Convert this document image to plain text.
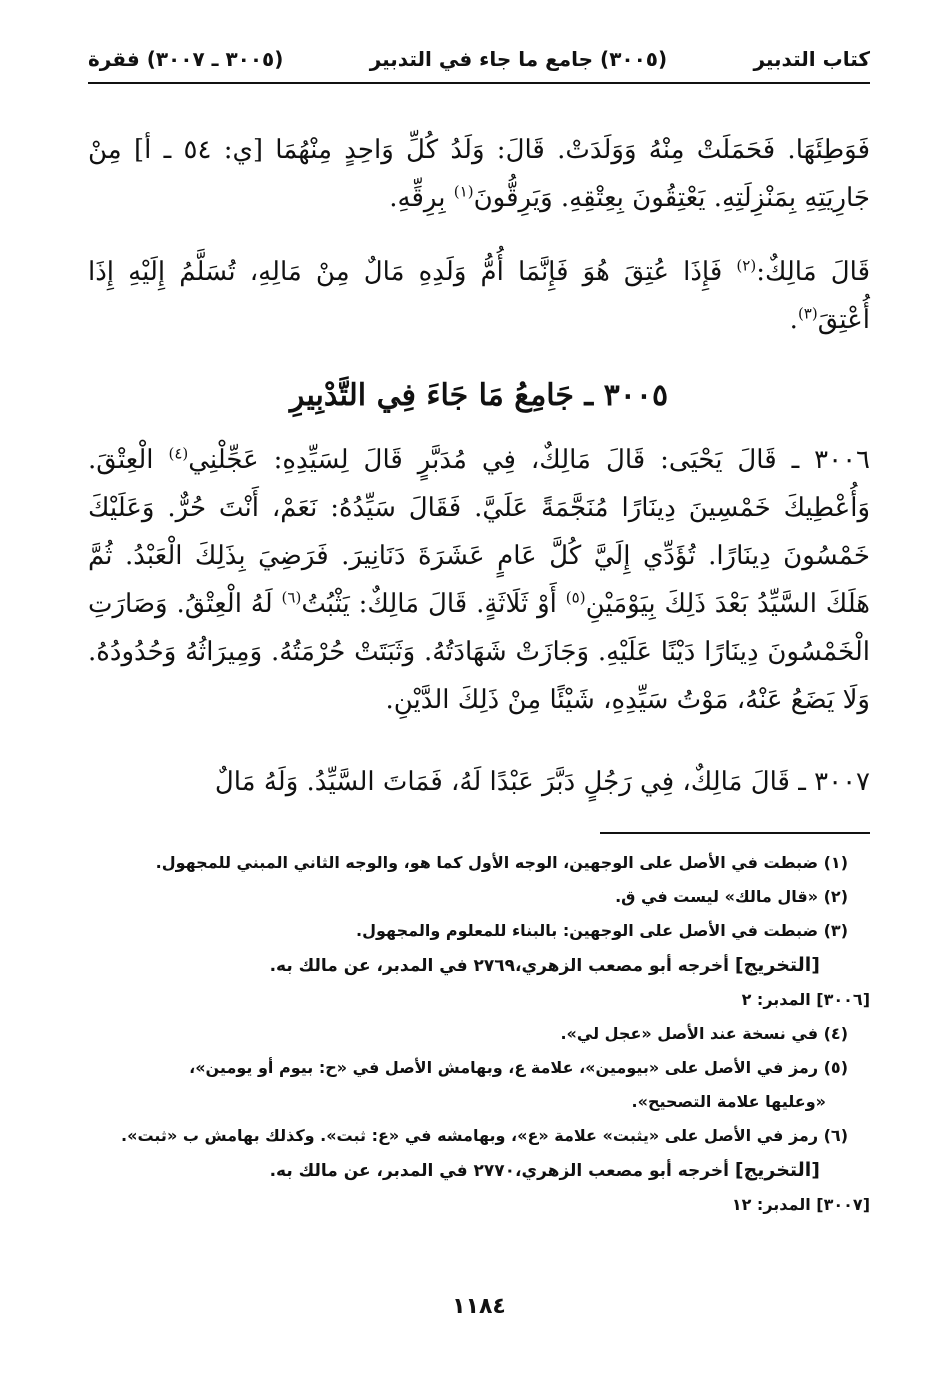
كتاب التدبير
(٣٠٠٥) جامع ما جاء في التدبير
(٣٠٠٥ ـ ٣٠٠٧) فقرة

فَوَطِئَهَا. فَحَمَلَتْ مِنْهُ وَوَلَدَتْ. قَالَ: وَلَدُ كُلِّ وَاحِدٍ مِنْهُمَا [ي: ٥٤ ـ أ] مِنْ جَارِيَتِهِ بِمَنْزِلَتِهِ. يَعْتِقُونَ بِعِتْقِهِ. وَيَرِقُّونَ$^{(١)}$ بِرِقِّهِ.

قَالَ مَالِكٌ:$^{(٢)}$ فَإِذَا عُتِقَ هُوَ فَإِنَّمَا أُمُّ وَلَدِهِ مَالٌ مِنْ مَالِهِ، تُسَلَّمُ إِلَيْهِ إِذَا أُعْتِقَ$^{(٣)}$.

٣٠٠٥ ـ جَامِعُ مَا جَاءَ فِي التَّدْبِيرِ

٣٠٠٦ ـ قَالَ يَحْيَى: قَالَ مَالِكٌ، فِي مُدَبَّرٍ قَالَ لِسَيِّدِهِ: عَجِّلْنِي$^{(٤)}$ الْعِتْقَ. وَأُعْطِيكَ خَمْسِينَ دِينَارًا مُنَجَّمَةً عَلَيَّ. فَقَالَ سَيِّدُهُ: نَعَمْ، أَنْتَ حُرٌّ. وَعَلَيْكَ خَمْسُونَ دِينَارًا. تُؤَدِّي إِلَيَّ كُلَّ عَامٍ عَشَرَةَ دَنَانِيرَ. فَرَضِيَ بِذَلِكَ الْعَبْدُ. ثُمَّ هَلَكَ السَّيِّدُ بَعْدَ ذَلِكَ بِيَوْمَيْنِ$^{(٥)}$ أَوْ ثَلَاثَةٍ. قَالَ مَالِكٌ: يَثْبُتُ$^{(٦)}$ لَهُ الْعِتْقُ. وَصَارَتِ الْخَمْسُونَ دِينَارًا دَيْنًا عَلَيْهِ. وَجَازَتْ شَهَادَتُهُ. وَثَبَتَتْ حُرْمَتُهُ. وَمِيرَاثُهُ وَحُدُودُهُ. وَلَا يَضَعُ عَنْهُ، مَوْتُ سَيِّدِهِ، شَيْئًا مِنْ ذَلِكَ الدَّيْنِ.

٣٠٠٧ ـ قَالَ مَالِكٌ، فِي رَجُلٍ دَبَّرَ عَبْدًا لَهُ، فَمَاتَ السَّيِّدُ. وَلَهُ مَالٌ

(١) ضبطت في الأصل على الوجهين، الوجه الأول كما هو، والوجه الثاني المبني للمجهول.

(٢) «قال مالك» ليست في ق.

(٣) ضبطت في الأصل على الوجهين: بالبناء للمعلوم والمجهول.

[التخريج] أخرجه أبو مصعب الزهري،٢٧٦٩ في المدبر، عن مالك به.

[٣٠٠٦] المدبر: ٢

(٤) في نسخة عند الأصل «عجل لي».

(٥) رمز في الأصل على «بيومين»، علامة ع، وبهامش الأصل في «ح: بيوم أو يومين»،

«وعليها علامة التصحيح».

(٦) رمز في الأصل على «يثبت» علامة «ع»، وبهامشه في «ع: ثبت». وكذلك بهامش ب «ثبت».

[التخريج] أخرجه أبو مصعب الزهري،٢٧٧٠ في المدبر، عن مالك به.

[٣٠٠٧] المدبر: ١٢

١١٨٤
